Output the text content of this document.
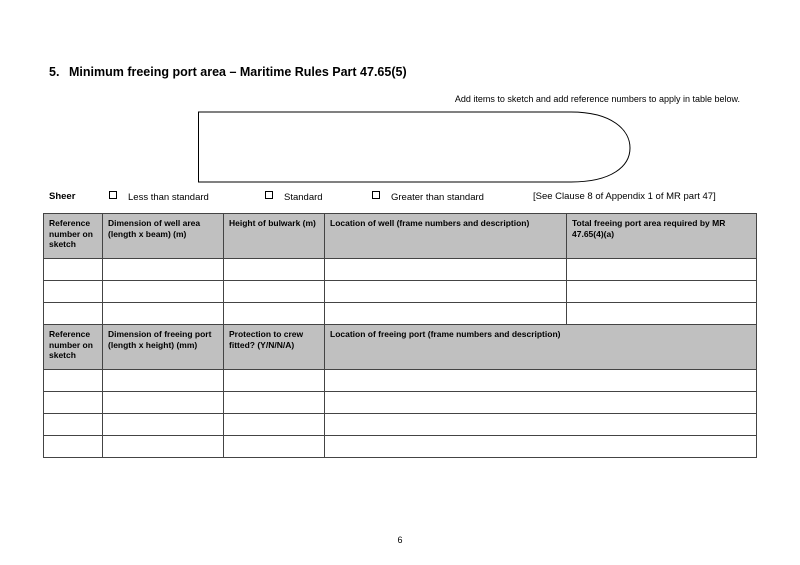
5. Minimum freeing port area – Maritime Rules Part 47.65(5)
Add items to sketch and add reference numbers to apply in table below.
Sheer	Less than standard	Standard	Greater than standard	[See Clause 8 of Appendix 1 of MR part 47]
Reference number on sketch	Dimension of well area (length x beam) (m)	Height of bulwark (m)	Location of well (frame numbers and description)	Total freeing port area required by MR 47.65(4)(a)

Reference number on sketch	Dimension of freeing port (length x height) (mm)	Protection to crew fitted? (Y/N/N/A)	Location of freeing port (frame numbers and description)	

6
